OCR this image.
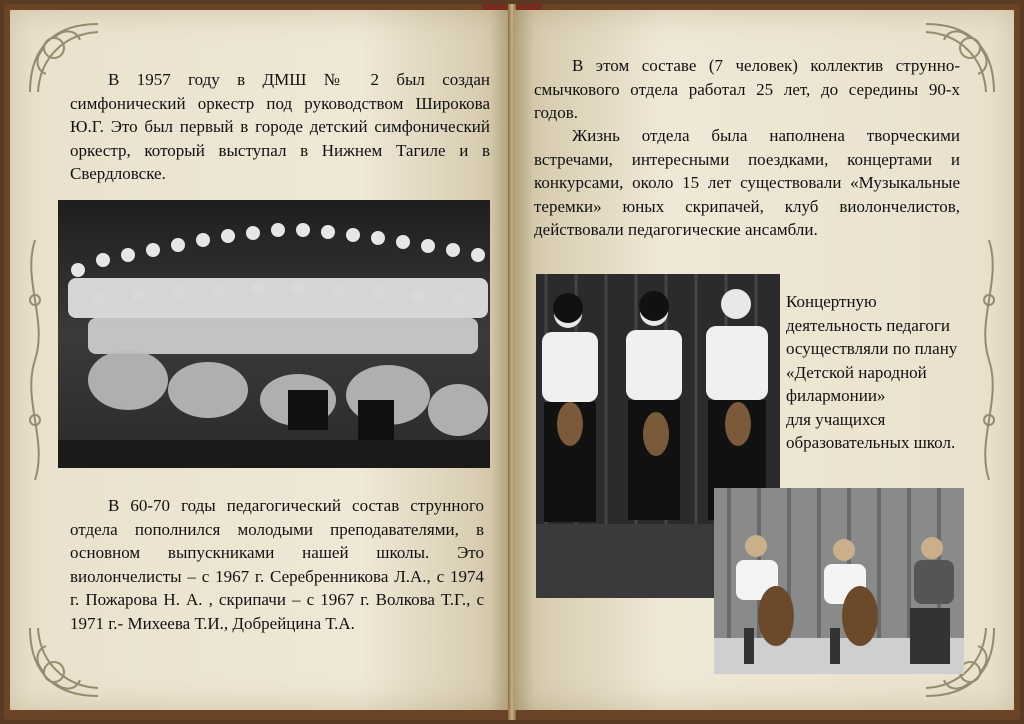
В 1957 году в ДМШ № 2 был создан симфонический оркестр под руководством Широкова Ю.Г. Это был первый в городе детский симфонический оркестр, который выступал в Нижнем Тагиле и в Свердловске.

В 60-70 годы педагогический состав струнного отдела пополнился молодыми преподавателями, в основном выпускниками нашей школы. Это виолончелисты – с 1967 г. Серебренникова Л.А., с 1974 г. Пожарова Н. А. , скрипачи – с 1967 г. Волкова Т.Г., с 1971 г.- Михеева Т.И., Добрейцина Т.А.

В этом составе (7 человек) коллектив струнно-смычкового отдела работал 25 лет, до середины 90-х годов.

Жизнь отдела была наполнена творческими встречами, интересными поездками, концертами и конкурсами, около 15 лет существовали «Музыкальные теремки» юных скрипачей, клуб виолончелистов, действовали педагогические ансамбли.

Концертную
деятельность педагоги
осуществляли по плану
«Детской народной
филармонии»
для учащихся
образовательных школ.
